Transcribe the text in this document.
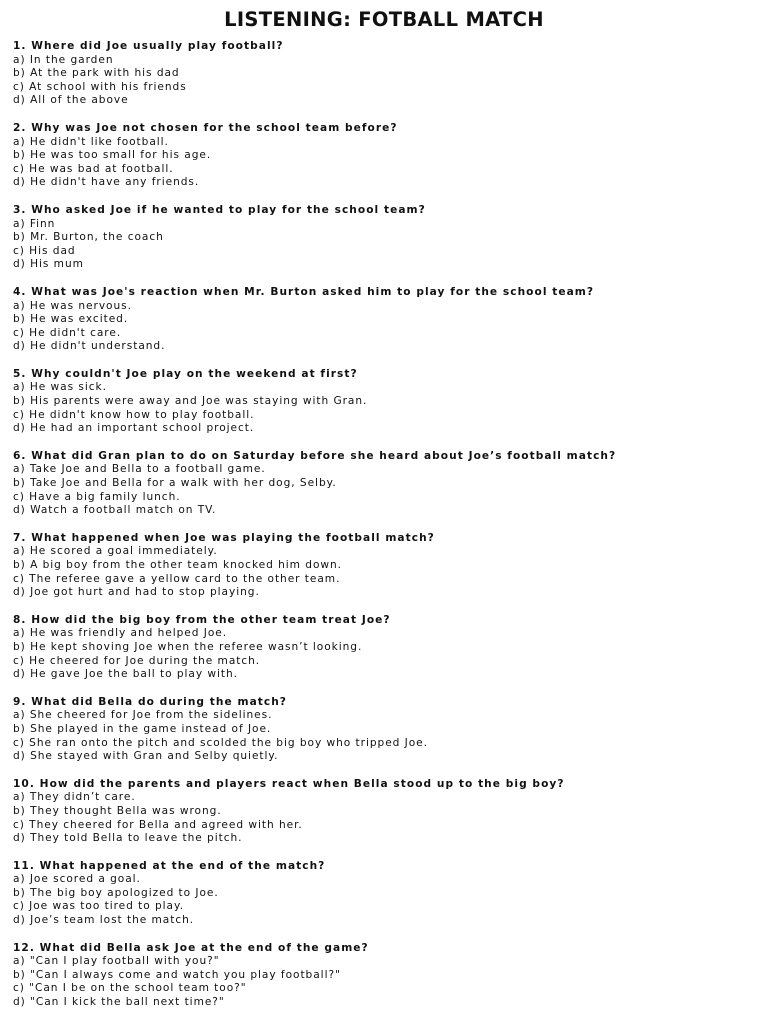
LISTENING: FOTBALL MATCH
1. Where did Joe usually play football?
a) In the garden
b) At the park with his dad
c) At school with his friends
d) All of the above
2. Why was Joe not chosen for the school team before?
a) He didn't like football.
b) He was too small for his age.
c) He was bad at football.
d) He didn't have any friends.
3. Who asked Joe if he wanted to play for the school team?
a) Finn
b) Mr. Burton, the coach
c) His dad
d) His mum
4. What was Joe's reaction when Mr. Burton asked him to play for the school team?
a) He was nervous.
b) He was excited.
c) He didn't care.
d) He didn't understand.
5. Why couldn't Joe play on the weekend at first?
a) He was sick.
b) His parents were away and Joe was staying with Gran.
c) He didn't know how to play football.
d) He had an important school project.
6. What did Gran plan to do on Saturday before she heard about Joe’s football match?
a) Take Joe and Bella to a football game.
b) Take Joe and Bella for a walk with her dog, Selby.
c) Have a big family lunch.
d) Watch a football match on TV.
7. What happened when Joe was playing the football match?
a) He scored a goal immediately.
b) A big boy from the other team knocked him down.
c) The referee gave a yellow card to the other team.
d) Joe got hurt and had to stop playing.
8. How did the big boy from the other team treat Joe?
a) He was friendly and helped Joe.
b) He kept shoving Joe when the referee wasn’t looking.
c) He cheered for Joe during the match.
d) He gave Joe the ball to play with.
9. What did Bella do during the match?
a) She cheered for Joe from the sidelines.
b) She played in the game instead of Joe.
c) She ran onto the pitch and scolded the big boy who tripped Joe.
d) She stayed with Gran and Selby quietly.
10. How did the parents and players react when Bella stood up to the big boy?
a) They didn’t care.
b) They thought Bella was wrong.
c) They cheered for Bella and agreed with her.
d) They told Bella to leave the pitch.
11. What happened at the end of the match?
a) Joe scored a goal.
b) The big boy apologized to Joe.
c) Joe was too tired to play.
d) Joe’s team lost the match.
12. What did Bella ask Joe at the end of the game?
a) "Can I play football with you?"
b) "Can I always come and watch you play football?"
c) "Can I be on the school team too?"
d) "Can I kick the ball next time?"
